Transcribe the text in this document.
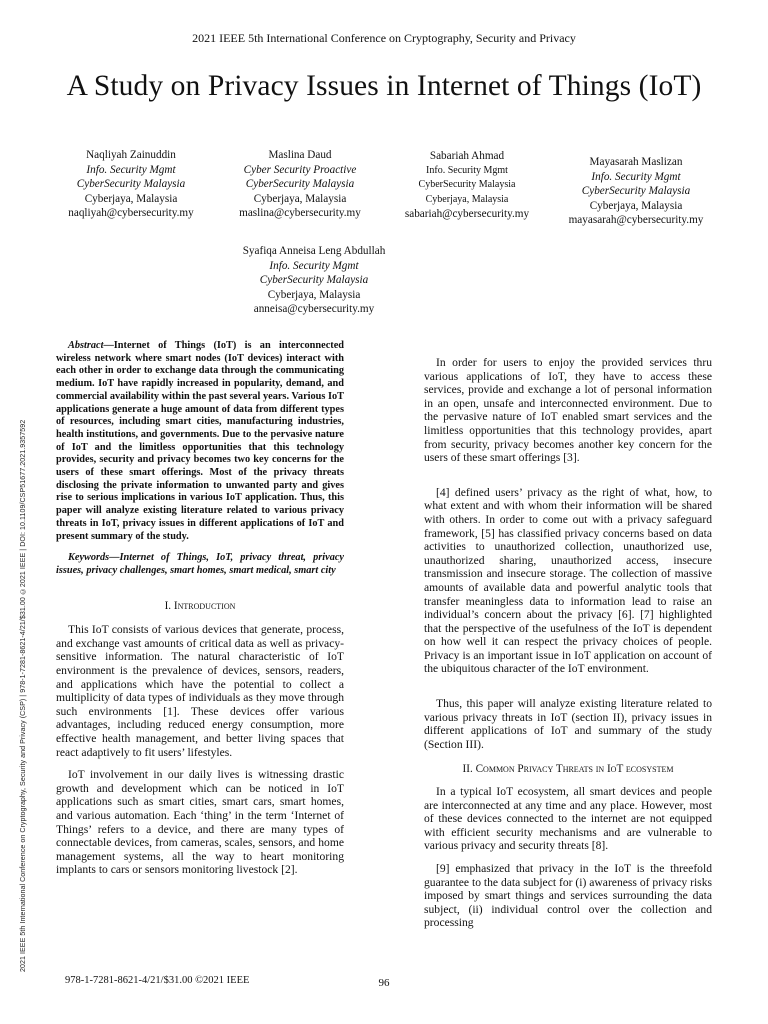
2021 IEEE 5th International Conference on Cryptography, Security and Privacy
A Study on Privacy Issues in Internet of Things (IoT)
Naqliyah Zainuddin
Info. Security Mgmt
CyberSecurity Malaysia
Cyberjaya, Malaysia
naqliyah@cybersecurity.my
Maslina Daud
Cyber Security Proactive
CyberSecurity Malaysia
Cyberjaya, Malaysia
maslina@cybersecurity.my
Sabariah Ahmad
Info. Security Mgmt
CyberSecurity Malaysia
Cyberjaya, Malaysia
sabariah@cybersecurity.my
Mayasarah Maslizan
Info. Security Mgmt
CyberSecurity Malaysia
Cyberjaya, Malaysia
mayasarah@cybersecurity.my
Syafiqa Anneisa Leng Abdullah
Info. Security Mgmt
CyberSecurity Malaysia
Cyberjaya, Malaysia
anneisa@cybersecurity.my
2021 IEEE 5th International Conference on Cryptography, Security and Privacy (CSP) | 978-1-7281-8621-4/21/$31.00 ©2021 IEEE | DOI: 10.1109/CSP51677.2021.9357592

Abstract—Internet of Things (IoT) is an interconnected wireless network where smart nodes (IoT devices) interact with each other in order to exchange data through the communicating medium. IoT have rapidly increased in popularity, demand, and commercial availability within the past several years. Various IoT applications generate a huge amount of data from different types of resources, including smart cities, manufacturing industries, health institutions, and governments. Due to the pervasive nature of IoT and the limitless opportunities that this technology provides, security and privacy becomes two key concerns for the users of these smart offerings. Most of the privacy threats disclosing the private information to unwanted party and gives rise to serious implications in various IoT application. Thus, this paper will analyze existing literature related to various privacy threats in IoT, privacy issues in different applications of IoT and present summary of the study.

Keywords—Internet of Things, IoT, privacy threat, privacy issues, privacy challenges, smart homes, smart medical, smart city

I. Introduction

This IoT consists of various devices that generate, process, and exchange vast amounts of critical data as well as privacy-sensitive information. The natural characteristic of IoT environment is the prevalence of devices, sensors, readers, and applications which have the potential to collect a multiplicity of data types of individuals as they move through such environments [1]. These devices offer various advantages, including reduced energy consumption, more effective health management, and better living spaces that react adaptively to fit users’ lifestyles.

IoT involvement in our daily lives is witnessing drastic growth and development which can be noticed in IoT applications such as smart cities, smart cars, smart homes, and various automation. Each ‘thing’ in the term ‘Internet of Things’ refers to a device, and there are many types of connectable devices, from cameras, scales, sensors, and home management systems, all the way to heart monitoring implants to cars or sensors monitoring livestock [2].

In order for users to enjoy the provided services thru various applications of IoT, they have to access these services, provide and exchange a lot of personal information in an open, unsafe and interconnected environment. Due to the pervasive nature of IoT enabled smart services and the limitless opportunities that this technology provides, apart from security, privacy becomes another key concern for the users of these smart offerings [3].

[4] defined users’ privacy as the right of what, how, to what extent and with whom their information will be shared with others. In order to come out with a privacy safeguard framework, [5] has classified privacy concerns based on data activities to unauthorized collection, unauthorized use, unauthorized sharing, unauthorized access, insecure transmission and insecure storage. The collection of massive amounts of available data and powerful analytic tools that transfer meaningless data to information lead to raise an individual’s concern about the privacy [6]. [7] highlighted that the perspective of the usefulness of the IoT is dependent on how well it can respect the privacy choices of people. Privacy is an important issue in IoT application on account of the ubiquitous character of the IoT environment.

Thus, this paper will analyze existing literature related to various privacy threats in IoT (section II), privacy issues in different applications of IoT and summary of the study (Section III).

II. Common Privacy Threats in IoT ecosystem

In a typical IoT ecosystem, all smart devices and people are interconnected at any time and any place. However, most of these devices connected to the internet are not equipped with efficient security mechanisms and are vulnerable to various privacy and security threats [8].

[9] emphasized that privacy in the IoT is the threefold guarantee to the data subject for (i) awareness of privacy risks imposed by smart things and services surrounding the data subject, (ii) individual control over the collection and processing

978-1-7281-8621-4/21/$31.00 ©2021 IEEE	96
